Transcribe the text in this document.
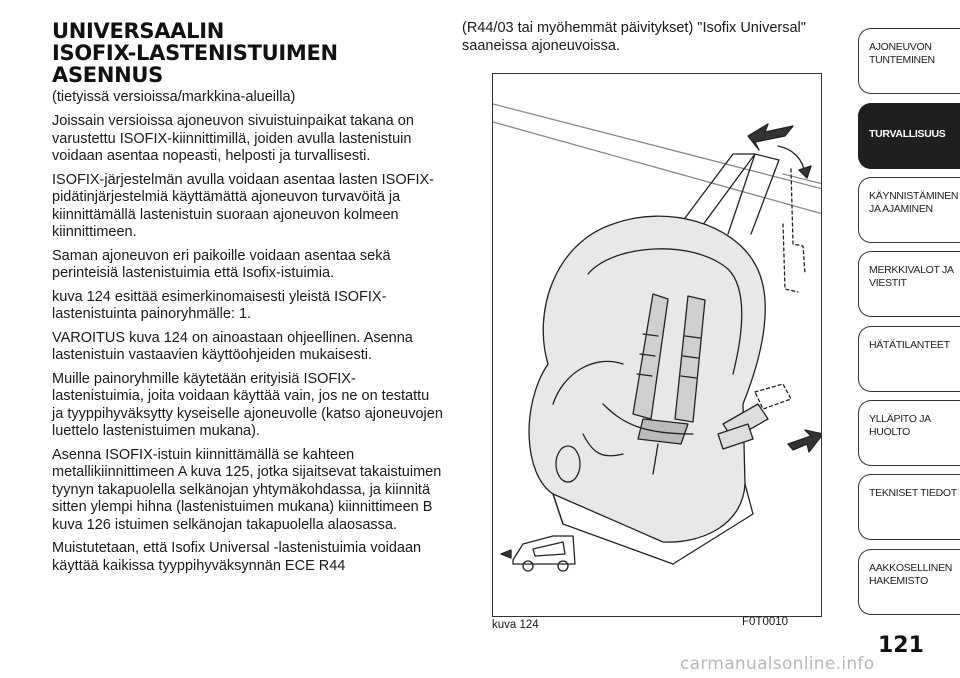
UNIVERSAALIN
ISOFIX-LASTENISTUIMEN ASENNUS
(tietyissä versioissa/markkina-alueilla)

Joissain versioissa ajoneuvon sivuistuinpaikat takana on varustettu ISOFIX-kiinnittimillä, joiden avulla lastenistuin voidaan asentaa nopeasti, helposti ja turvallisesti.

ISOFIX-järjestelmän avulla voidaan asentaa lasten ISOFIX-pidätinjärjestelmiä käyttämättä ajoneuvon turvavöitä ja kiinnittämällä lastenistuin suoraan ajoneuvon kolmeen kiinnittimeen.

Saman ajoneuvon eri paikoille voidaan asentaa sekä perinteisiä lastenistuimia että Isofix-istuimia.

kuva 124 esittää esimerkinomaisesti yleistä ISOFIX-lastenistuinta painoryhmälle: 1.

VAROITUS kuva 124 on ainoastaan ohjeellinen. Asenna lastenistuin vastaavien käyttöohjeiden mukaisesti.

Muille painoryhmille käytetään erityisiä ISOFIX-lastenistuimia, joita voidaan käyttää vain, jos ne on testattu ja tyyppihyväksytty kyseiselle ajoneuvolle (katso ajoneuvojen luettelo lastenistuimen mukana).

Asenna ISOFIX-istuin kiinnittämällä se kahteen metallikiinnittimeen A kuva 125, jotka sijaitsevat takaistuimen tyynyn takapuolella selkänojan yhtymäkohdassa, ja kiinnitä sitten ylempi hihna (lastenistuimen mukana) kiinnittimeen B kuva 126 istuimen selkänojan takapuolella alaosassa.

Muistutetaan, että Isofix Universal -lastenistuimia voidaan käyttää kaikissa tyyppihyväksynnän ECE R44

(R44/03 tai myöhemmät päivitykset) "Isofix Universal" saaneissa ajoneuvoissa.
kuva 124	F0T0010
AJONEUVON
TUNTEMINEN
TURVALLISUUS
KÄYNNISTÄMINEN
JA AJAMINEN
MERKKIVALOT JA
VIESTIT
HÄTÄTILANTEET
YLLÄPITO JA HUOLTO
TEKNISET TIEDOT
AAKKOSELLINEN
HAKEMISTO
121
carmanualsonline.info
